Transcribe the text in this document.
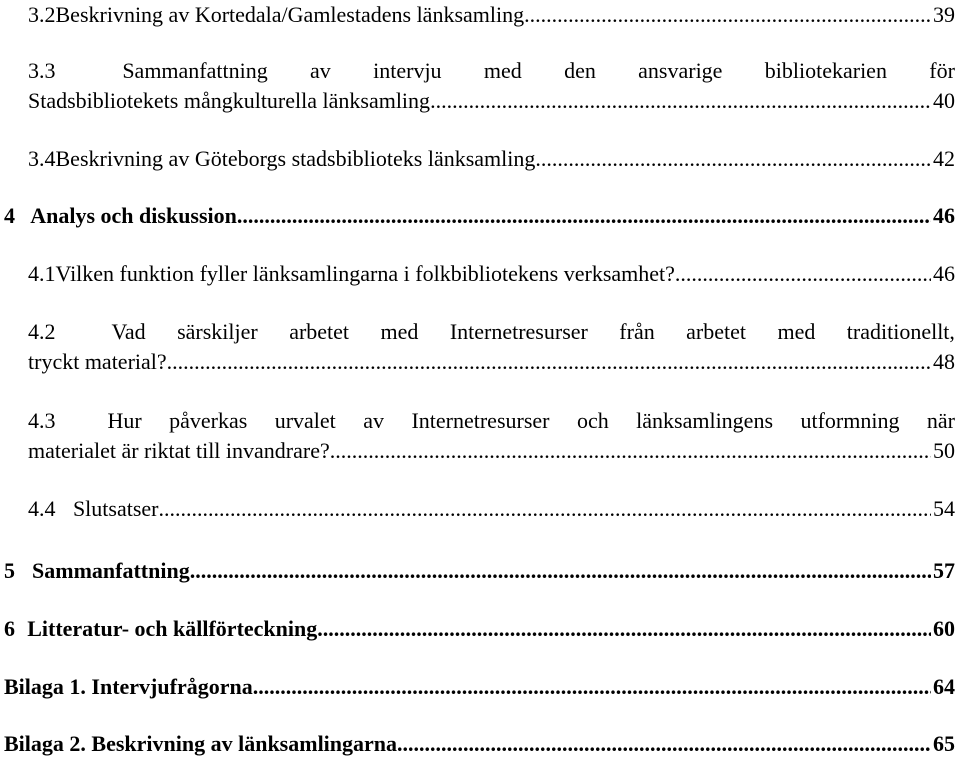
3.2 Beskrivning av Kortedala/Gamlestadens länksamling .....	39
3.3	Sammanfattning av intervju med den ansvarige bibliotekarien för
Stadsbibliotekets mångkulturella länksamling .....	40
3.4 Beskrivning av Göteborgs stadsbiblioteks länksamling .....	42
4 Analys och diskussion .....	46
4.1 Vilken funktion fyller länksamlingarna i folkbibliotekens verksamhet? .....	46
4.2	Vad särskiljer arbetet med Internetresurser från arbetet med traditionellt,
tryckt material? .....	48
4.3	Hur påverkas urvalet av Internetresurser och länksamlingens utformning när
materialet är riktat till invandrare? .....	50
4.4 Slutsatser .....	54
5 Sammanfattning .....	57
6 Litteratur- och källförteckning .....	60
Bilaga 1. Intervjufrågorna .....	64
Bilaga 2. Beskrivning av länksamlingarna .....	65
